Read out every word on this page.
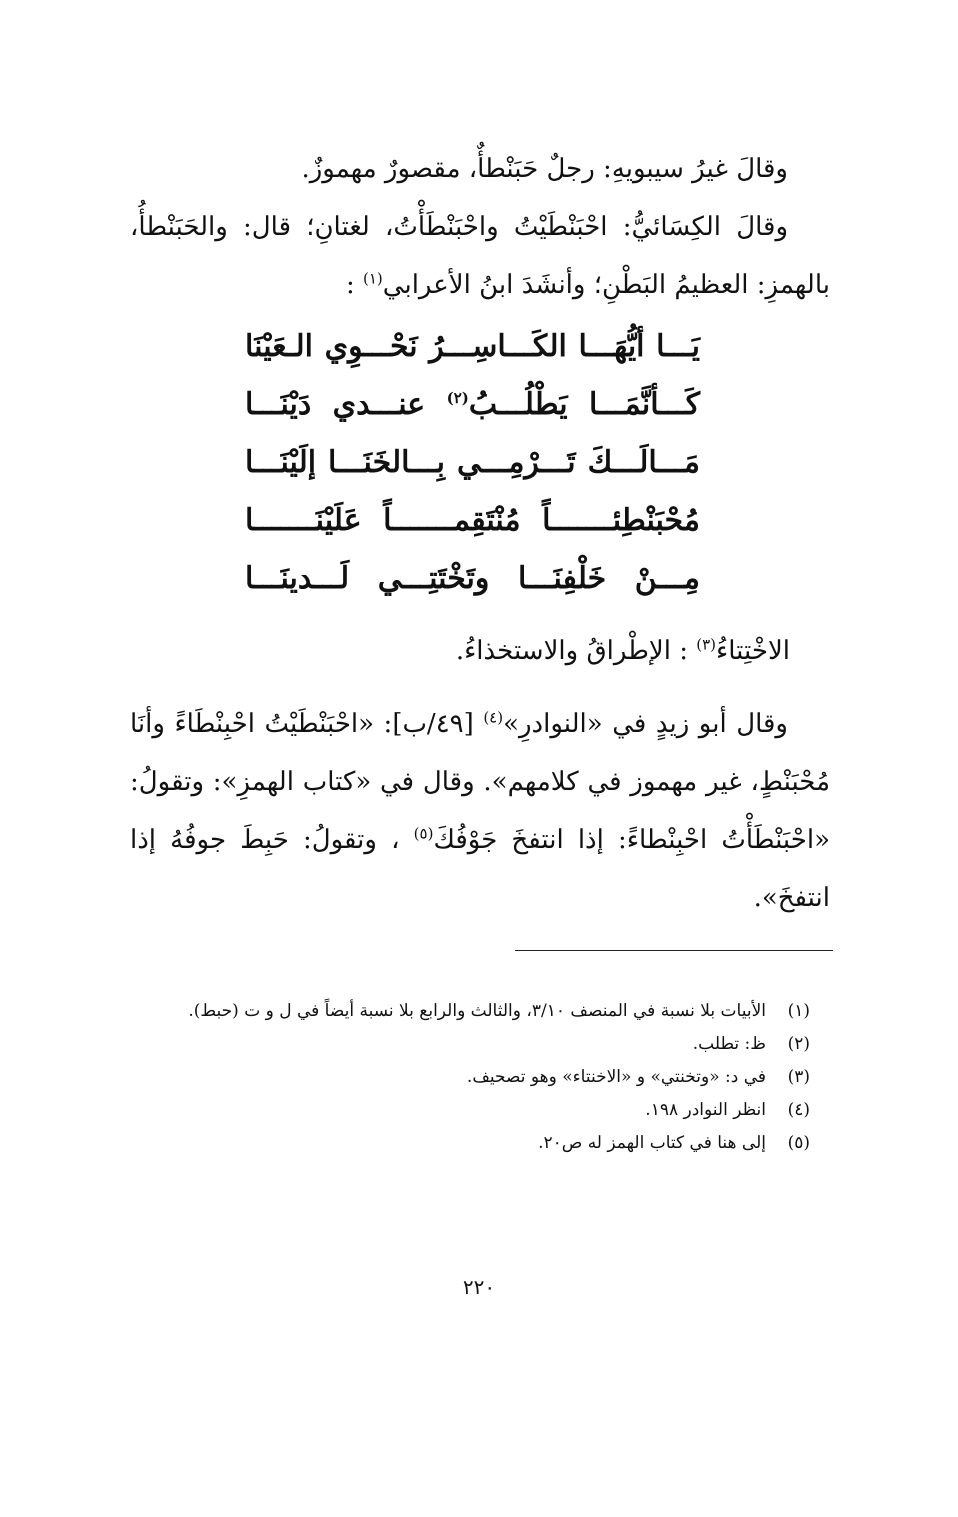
وقالَ غيرُ سيبويهِ: رجلٌ حَبَنْطأٌ، مقصورٌ مهموزٌ.

وقالَ الكِسَائيُّ: احْبَنْطَيْتُ واحْبَنْطَأْتُ، لغتانِ؛ قال: والحَبَنْطأُ، بالهمزِ: العظيمُ البَطْنِ؛ وأنشَدَ ابنُ الأعرابي$^{(١)}$ :

يَـــا أيُّهَـــا الكَـــاسِـــرُ نَحْـــوِي الـعَيْنَا

كَـــأنَّمَـــا يَطْلُـــبُ$^{(٢)}$ عنـــدي دَيْنَـــا

مَـــالَـــكَ تَـــرْمِـــي بِـــالخَنَـــا إلَيْنَـــا

مُحْبَنْطِئـــــــاً مُنْتَقِمـــــــاً عَلَيْنَـــــــا

مِـــنْ خَلْفِنَـــا وتَخْتَتِـــي لَـــدينَـــا

الاخْتِتاءُ$^{(٣)}$ : الإطْراقُ والاستخذاءُ.

وقال أبو زيدٍ في «النوادرِ»$^{(٤)}$ [٤٩/ب]: «احْبَنْطَيْتُ احْبِنْطَاءً وأنَا مُحْبَنْطٍ، غير مهموز في كلامهم». وقال في «كتاب الهمزِ»: وتقولُ: «احْبَنْطَأْتُ احْبِنْطاءً: إذا انتفخَ جَوْفُكَ$^{(٥)}$ ، وتقولُ: حَبِطَ جوفُهُ إذا انتفخَ».

(١)
الأبيات بلا نسبة في المنصف ٣/١٠، والثالث والرابع بلا نسبة أيضاً في ل و ت (حبط).
(٢)
ظ: تطلب.
(٣)
في د: «وتخنتي» و «الاخنتاء» وهو تصحيف.
(٤)
انظر النوادر ١٩٨.
(٥)
إلى هنا في كتاب الهمز له ص٢٠.
٢٢٠
